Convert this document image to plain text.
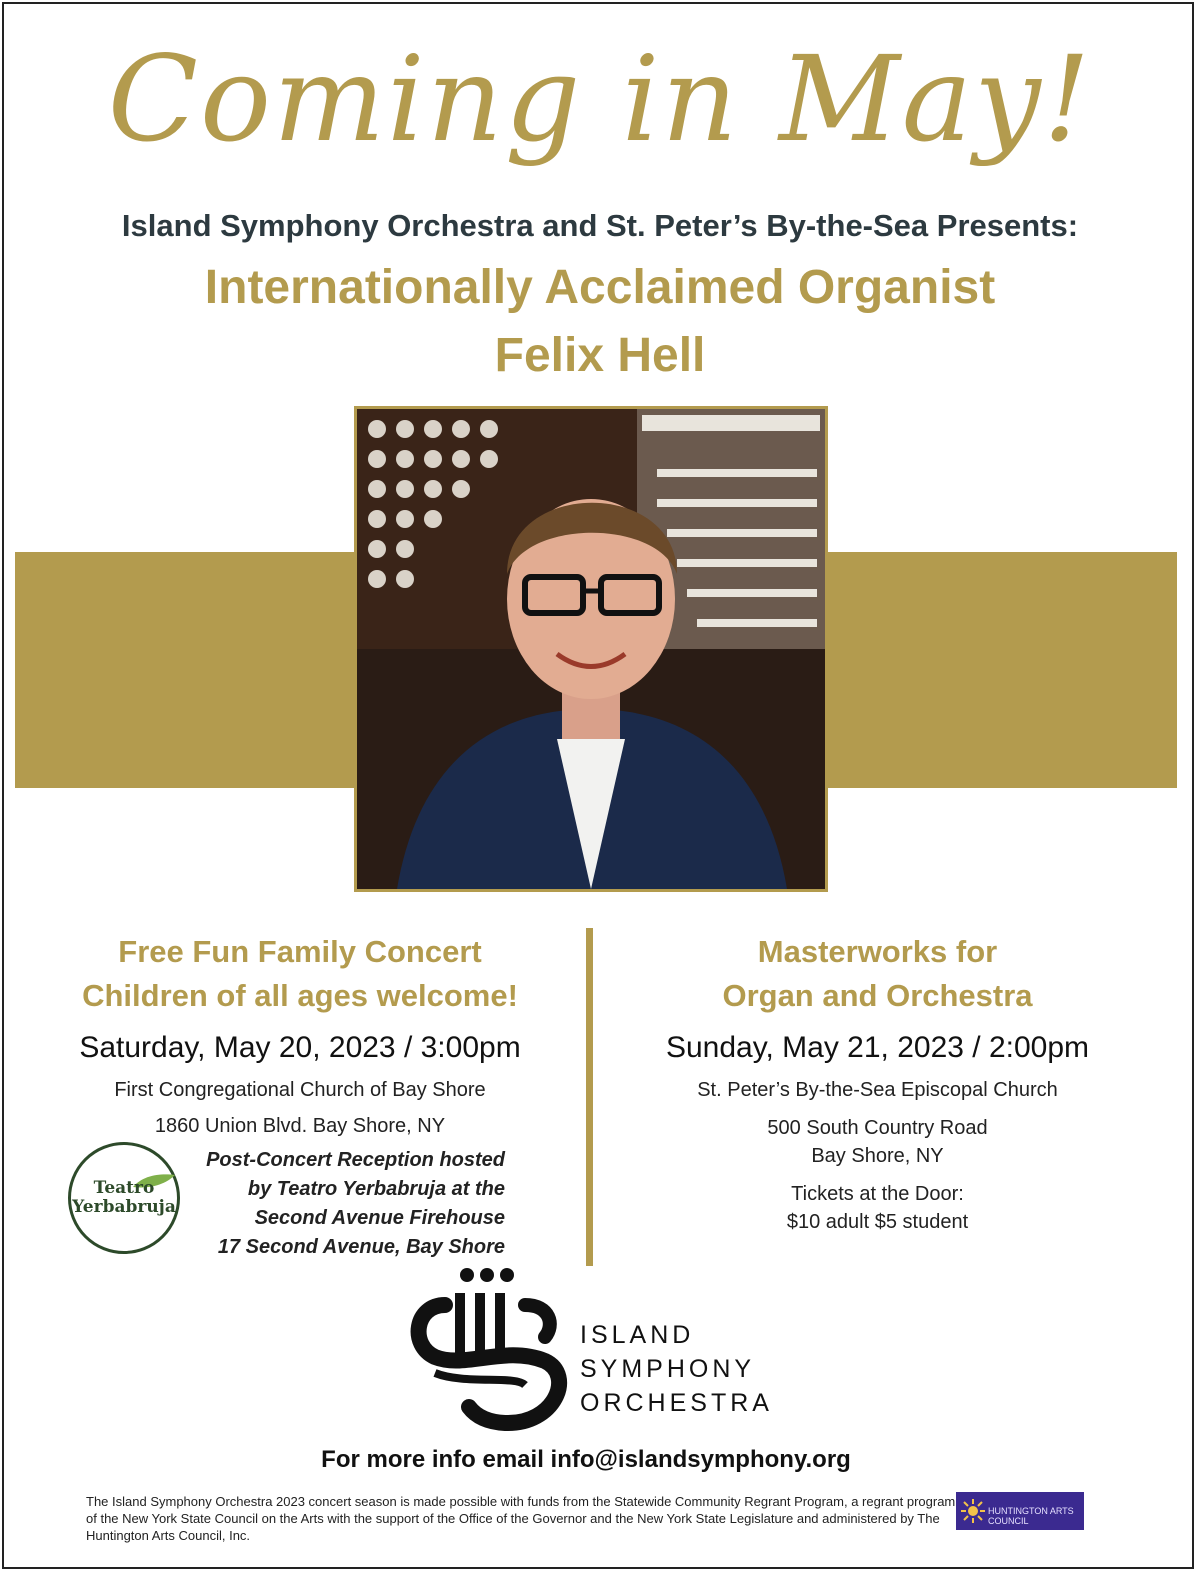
Coming in May!
Island Symphony Orchestra and St. Peter’s By-the-Sea Presents:
Internationally Acclaimed Organist
Felix Hell
Free Fun Family Concert
Children of all ages welcome!
Saturday, May 20, 2023 / 3:00pm
First Congregational Church of Bay Shore
1860 Union Blvd. Bay Shore, NY
Teatro
Yerbabruja
Post-Concert Reception hosted
by Teatro Yerbabruja at the
Second Avenue Firehouse
17 Second Avenue, Bay Shore
Masterworks for
Organ and Orchestra
Sunday, May 21, 2023 / 2:00pm
St. Peter’s By-the-Sea Episcopal Church
500 South Country Road
Bay Shore, NY
Tickets at the Door:
$10 adult $5 student
ISLAND
SYMPHONY
ORCHESTRA
For more info email info@islandsymphony.org
The Island Symphony Orchestra 2023 concert season is made possible with funds from the Statewide Community Regrant Program, a regrant program of the New York State Council on the Arts with the support of the Office of the Governor and the New York State Legislature and administered by The Huntington Arts Council, Inc.
HUNTINGTON ARTS COUNCIL
